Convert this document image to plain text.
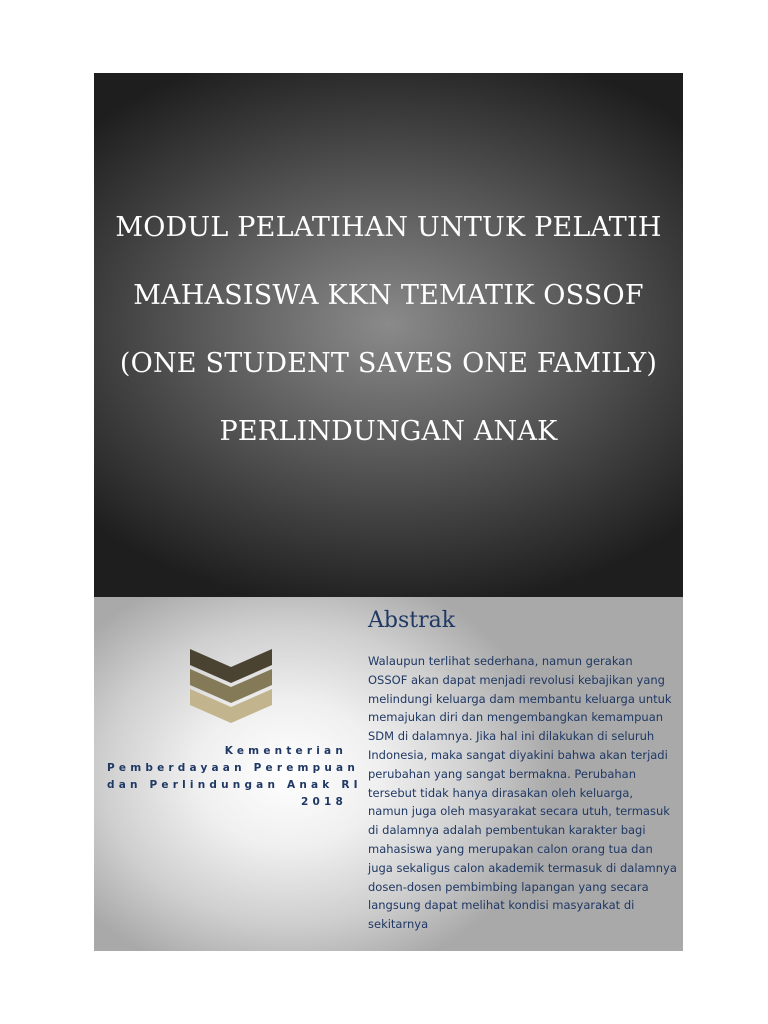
MODUL PELATIHAN UNTUK PELATIH

MAHASISWA KKN TEMATIK OSSOF

(ONE STUDENT SAVES ONE FAMILY)

PERLINDUNGAN ANAK

Kementerian
Pemberdayaan Perempuan
dan Perlindungan Anak RI
2018
Abstrak
Walaupun terlihat sederhana, namun gerakan
OSSOF akan dapat menjadi revolusi kebajikan yang
melindungi keluarga dam membantu keluarga untuk
memajukan diri dan mengembangkan kemampuan
SDM di dalamnya. Jika hal ini dilakukan di seluruh
Indonesia, maka sangat diyakini bahwa akan terjadi
perubahan yang sangat bermakna. Perubahan
tersebut tidak hanya dirasakan oleh keluarga,
namun juga oleh masyarakat secara utuh, termasuk
di dalamnya adalah pembentukan karakter bagi
mahasiswa yang merupakan calon orang tua dan
juga sekaligus calon akademik termasuk di dalamnya
dosen-dosen pembimbing lapangan yang secara
langsung dapat melihat kondisi masyarakat di
sekitarnya
